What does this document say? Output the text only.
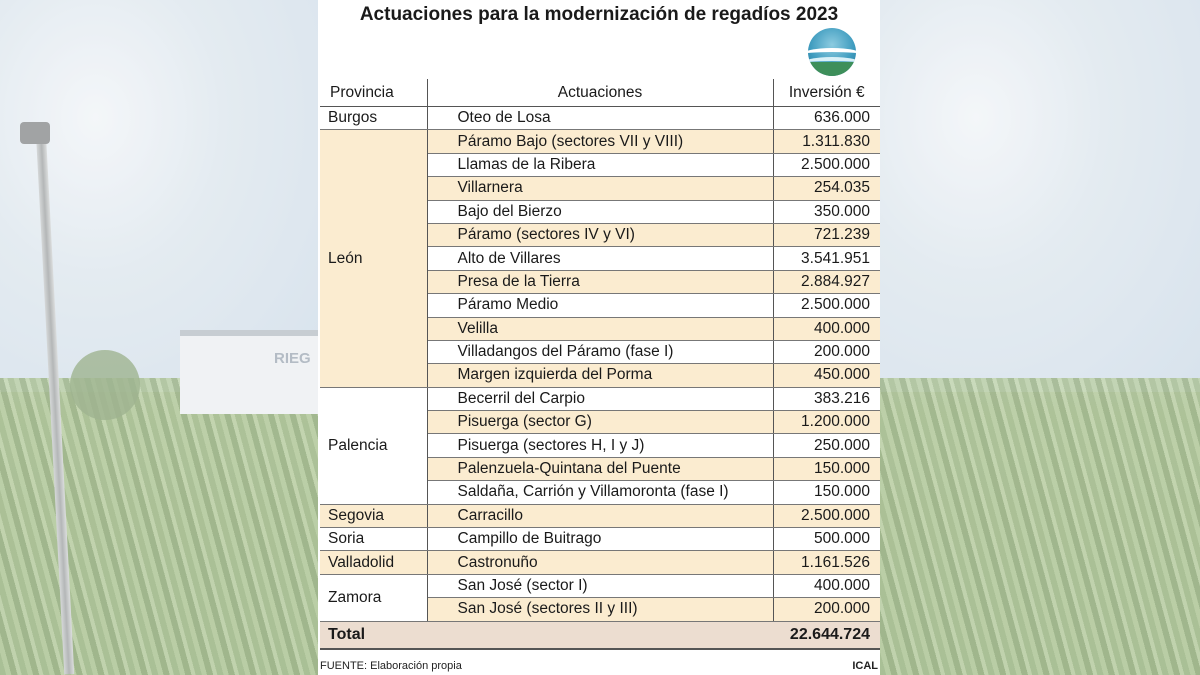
RIEG
Actuaciones para la modernización de regadíos 2023
Provincia	Actuaciones	Inversión €
Burgos	Oteo de Losa	636.000
León	Páramo Bajo (sectores VII y VIII)	1.311.830
	Llamas de la Ribera	2.500.000
	Villarnera	254.035
	Bajo del Bierzo	350.000
	Páramo (sectores IV y VI)	721.239
	Alto de Villares	3.541.951
	Presa de la Tierra	2.884.927
	Páramo Medio	2.500.000
	Velilla	400.000
	Villadangos del Páramo (fase I)	200.000
	Margen izquierda del Porma	450.000
Palencia	Becerril del Carpio	383.216
	Pisuerga (sector G)	1.200.000
	Pisuerga (sectores H, I y J)	250.000
	Palenzuela-Quintana del Puente	150.000
	Saldaña, Carrión y Villamoronta (fase I)	150.000
Segovia	Carracillo	2.500.000
Soria	Campillo de Buitrago	500.000
Valladolid	Castronuño	1.161.526
Zamora	San José (sector I)	400.000
	San José (sectores II y III)	200.000
Total		22.644.724
FUENTE: Elaboración propia	ICAL
